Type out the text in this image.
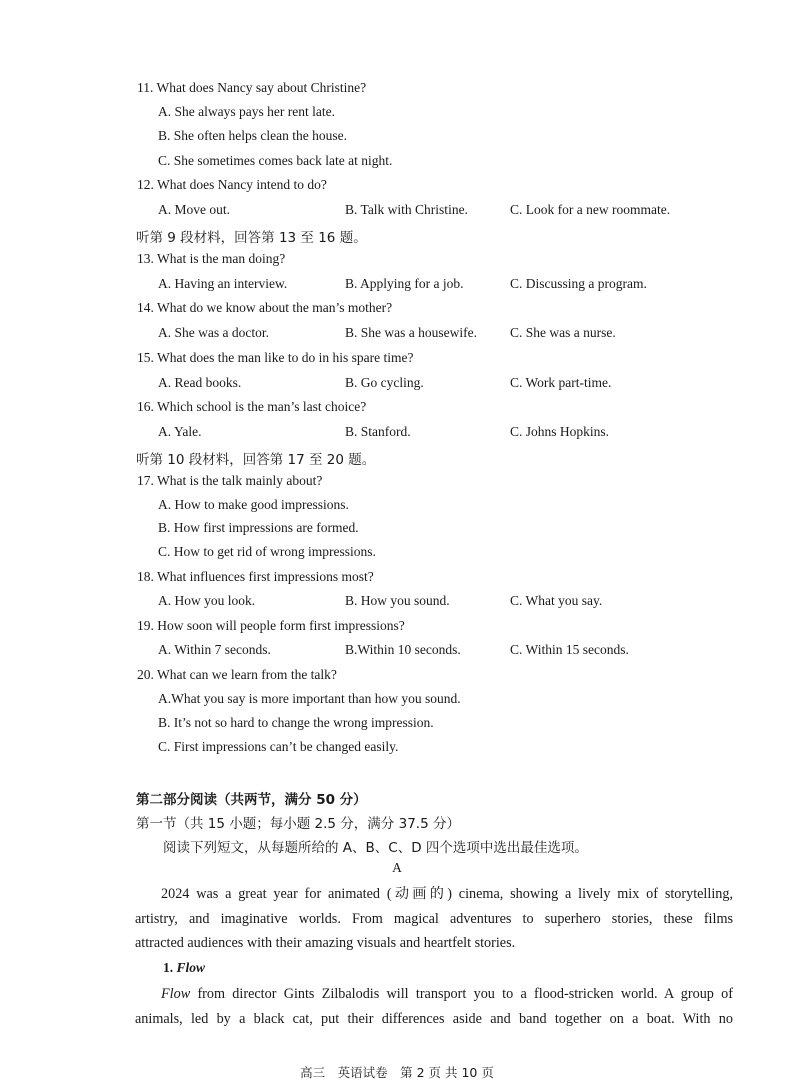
11. What does Nancy say about Christine?
A. She always pays her rent late.
B. She often helps clean the house.
C. She sometimes comes back late at night.
12. What does Nancy intend to do?
A. Move out.	B. Talk with Christine.	C. Look for a new roommate.
听第 9 段材料，回答第 13 至 16 题。
13. What is the man doing?
A. Having an interview.	B. Applying for a job.	C. Discussing a program.
14. What do we know about the man’s mother?
A. She was a doctor.	B. She was a housewife. C. She was a nurse.
15. What does the man like to do in his spare time?
A. Read books.	B. Go cycling.	C. Work part-time.
16. Which school is the man’s last choice?
A. Yale.	B. Stanford.	C. Johns Hopkins.
听第 10 段材料，回答第 17 至 20 题。
17. What is the talk mainly about?
A. How to make good impressions.
B. How first impressions are formed.
C. How to get rid of wrong impressions.
18. What influences first impressions most?
A. How you look.	B. How you sound.	C. What you say.
19. How soon will people form first impressions?
A. Within 7 seconds.	B.Within 10 seconds.	C. Within 15 seconds.
20. What can we learn from the talk?
A.What you say is more important than how you sound.
B. It’s not so hard to change the wrong impression.
C. First impressions can’t be changed easily.
第二部分阅读（共两节，满分 50 分）
第一节（共 15 小题；每小题 2.5 分，满分 37.5 分）
阅读下列短文，从每题所给的 A、B、C、D 四个选项中选出最佳选项。
A
2024 was a great year for animated (动画的) cinema, showing a lively mix of storytelling,
artistry, and imaginative worlds. From magical adventures to superhero stories, these films
attracted audiences with their amazing visuals and heartfelt stories.
1. Flow
Flow from director Gints Zilbalodis will transport you to a flood-stricken world. A group of
animals, led by a black cat, put their differences aside and band together on a boat. With no
高三　英语试卷　第 2 页 共 10 页
